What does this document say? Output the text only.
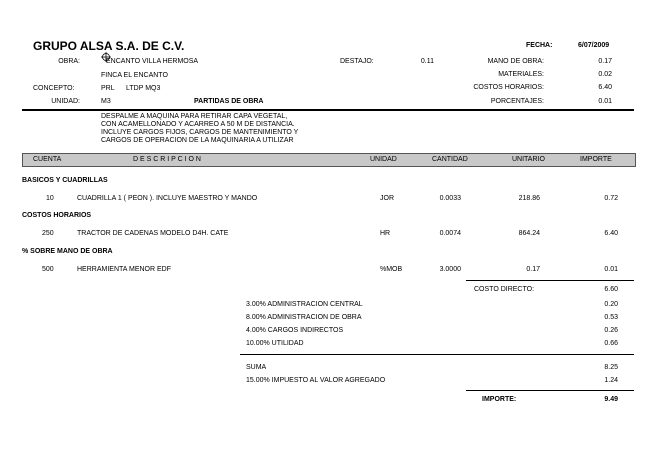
GRUPO ALSA S.A. DE C.V.	FECHA:	6/07/2009
OBRA:	ENCANTO VILLA HERMOSA
FINCA EL ENCANTO
DESTAJO:	0.11	MANO DE OBRA:	0.17
MATERIALES:	0.02
CONCEPTO:	PRL LTDP MQ3	COSTOS HORARIOS:	6.40
UNIDAD:	M3	PARTIDAS DE OBRA	PORCENTAJES:	0.01
DESPALME A MAQUINA PARA RETIRAR CAPA VEGETAL, CON ACAMELLONADO Y ACARREO A 50 M DE DISTANCIA. INCLUYE CARGOS FIJOS, CARGOS DE MANTENIMIENTO Y CARGOS DE OPERACION DE LA MAQUINARIA A UTILIZAR
CUENTA	D E S C R I P C I O N	UNIDAD	CANTIDAD	UNITARIO	IMPORTE
BASICOS Y CUADRILLAS
10	CUADRILLA 1 ( PEON ). INCLUYE MAESTRO Y MANDO	JOR	0.0033	218.86	0.72
COSTOS HORARIOS
250	TRACTOR DE CADENAS MODELO D4H. CATE	HR	0.0074	864.24	6.40
% SOBRE MANO DE OBRA
500	HERRAMIENTA MENOR EDF	%MOB	3.0000	0.17	0.01
COSTO DIRECTO:	6.60
3.00% ADMINISTRACION CENTRAL	0.20
8.00% ADMINISTRACION DE OBRA	0.53
4.00% CARGOS INDIRECTOS	0.26
10.00% UTILIDAD	0.66
SUMA	8.25
15.00% IMPUESTO AL VALOR AGREGADO	1.24
IMPORTE:	9.49
